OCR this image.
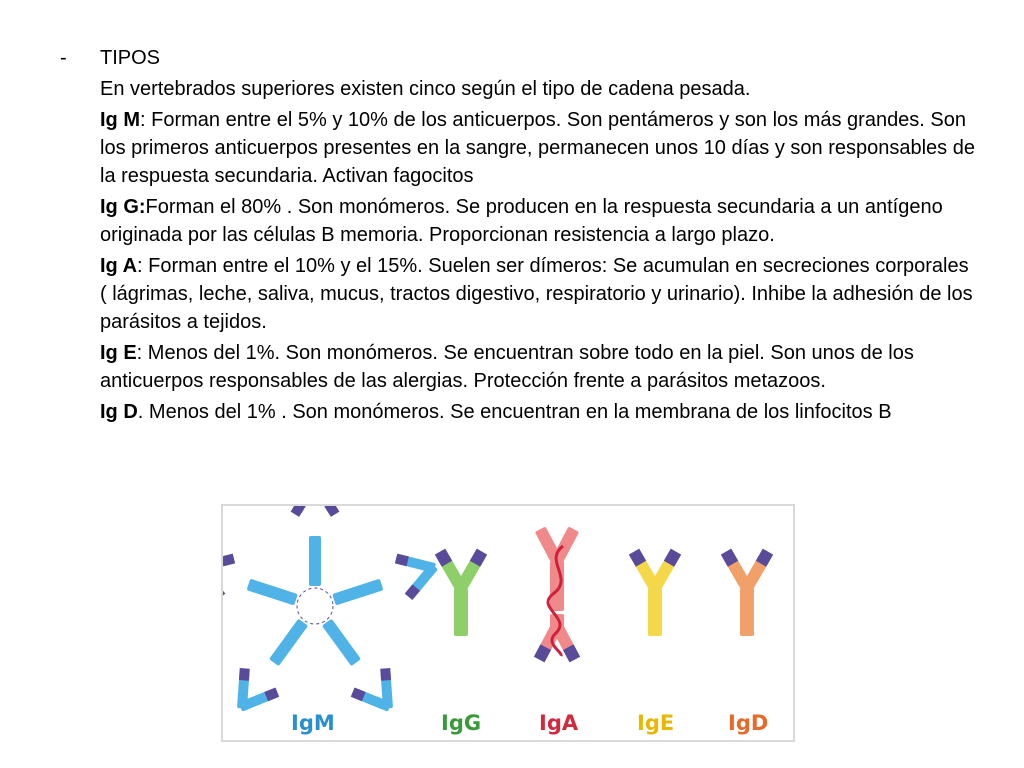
- TIPOS

En vertebrados superiores existen cinco según el tipo de cadena pesada.

Ig M: Forman entre el 5% y 10% de los anticuerpos. Son pentámeros y son los más grandes. Son los primeros anticuerpos presentes en la sangre, permanecen unos 10 días y son responsables de la respuesta secundaria. Activan fagocitos

Ig G:Forman el 80% . Son monómeros. Se producen en la respuesta secundaria a un antígeno originada por las células B memoria. Proporcionan resistencia a largo plazo.

Ig A: Forman entre el 10% y el 15%. Suelen ser dímeros: Se acumulan en secreciones corporales ( lágrimas, leche, saliva, mucus, tractos digestivo, respiratorio y urinario). Inhibe la adhesión de los parásitos a tejidos.

Ig E: Menos del 1%. Son monómeros. Se encuentran sobre todo en la piel. Son unos de los anticuerpos responsables de las alergias. Protección frente a parásitos metazoos.

Ig D. Menos del 1% . Son monómeros. Se encuentran en la membrana de los linfocitos B

IgM	IgG	IgA	IgE	IgD
